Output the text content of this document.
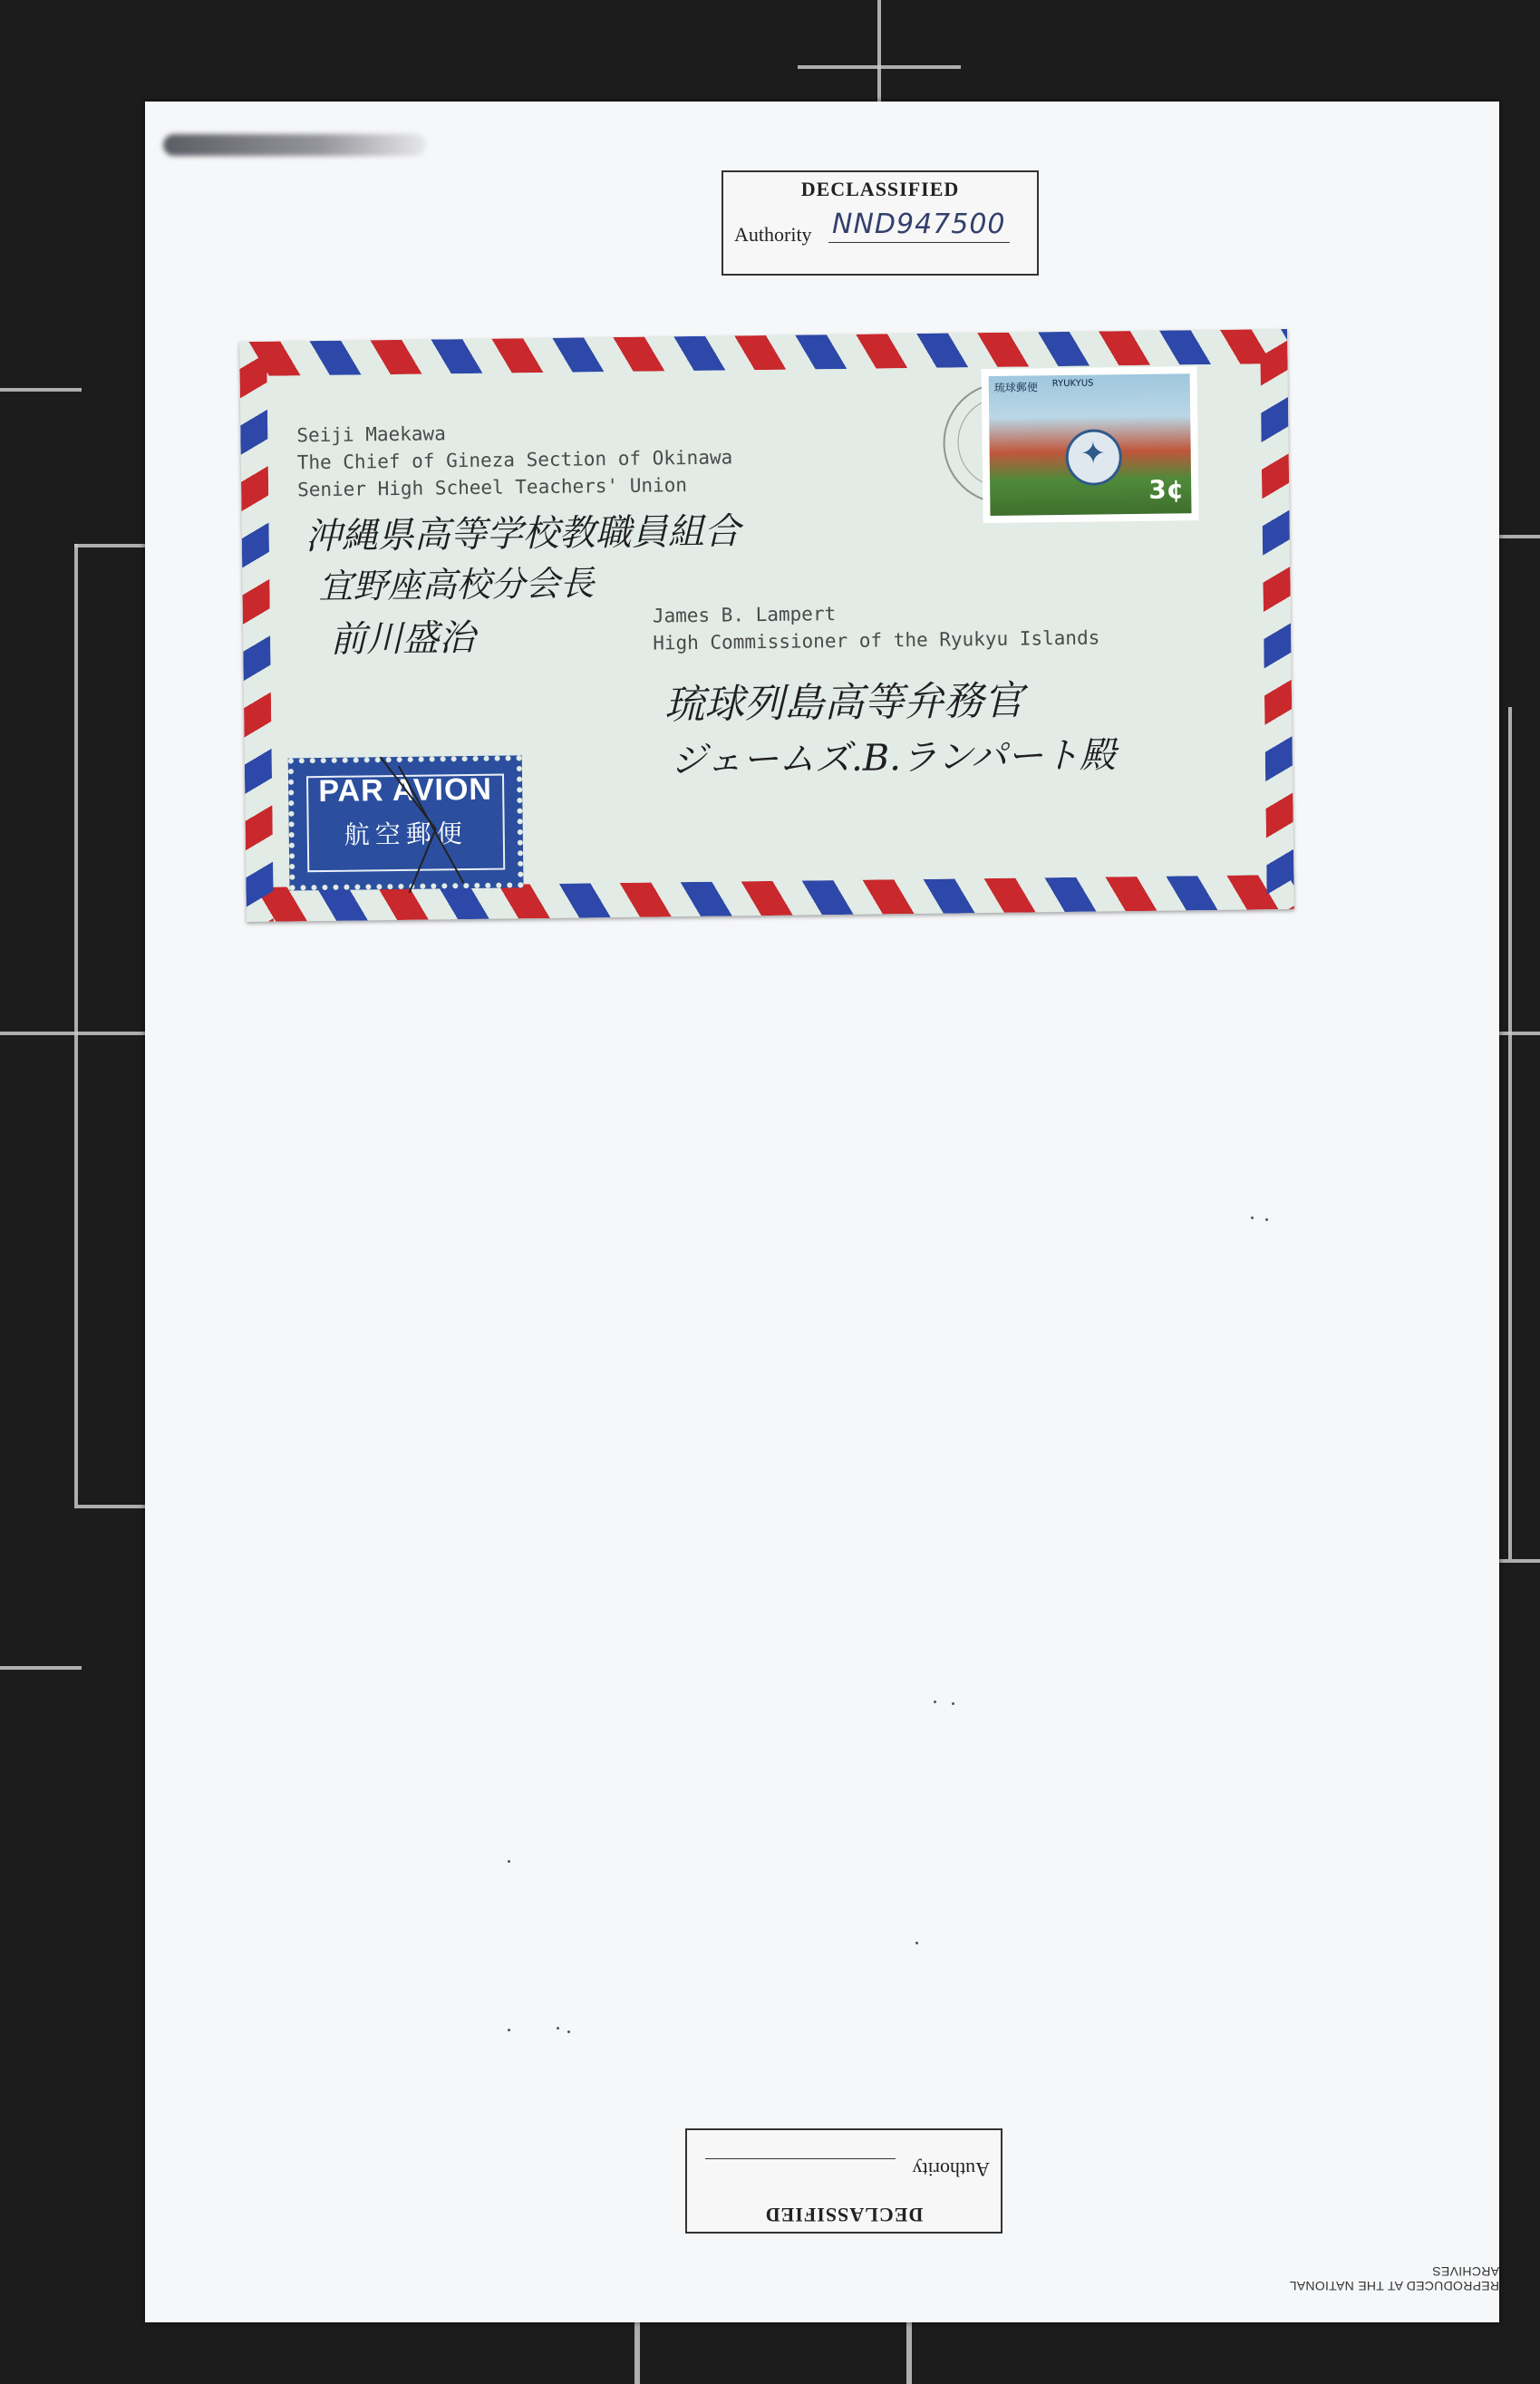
DECLASSIFIED
Authority NND947500
DECLASSIFIED
Authority
REPRODUCED AT THE NATIONAL ARCHIVES
Seiji Maekawa
The Chief of Gineza Section of Okinawa
Senier High Scheel Teachers' Union
沖縄県高等学校教職員組合
宜野座高校分会長
前川盛治
James B. Lampert
High Commissioner of the Ryukyu Islands
琉球列島高等弁務官
ジェームズ.B.ランパート殿
琉球郵便 RYUKYUS
✦
3¢
PAR AVION
航空郵便
